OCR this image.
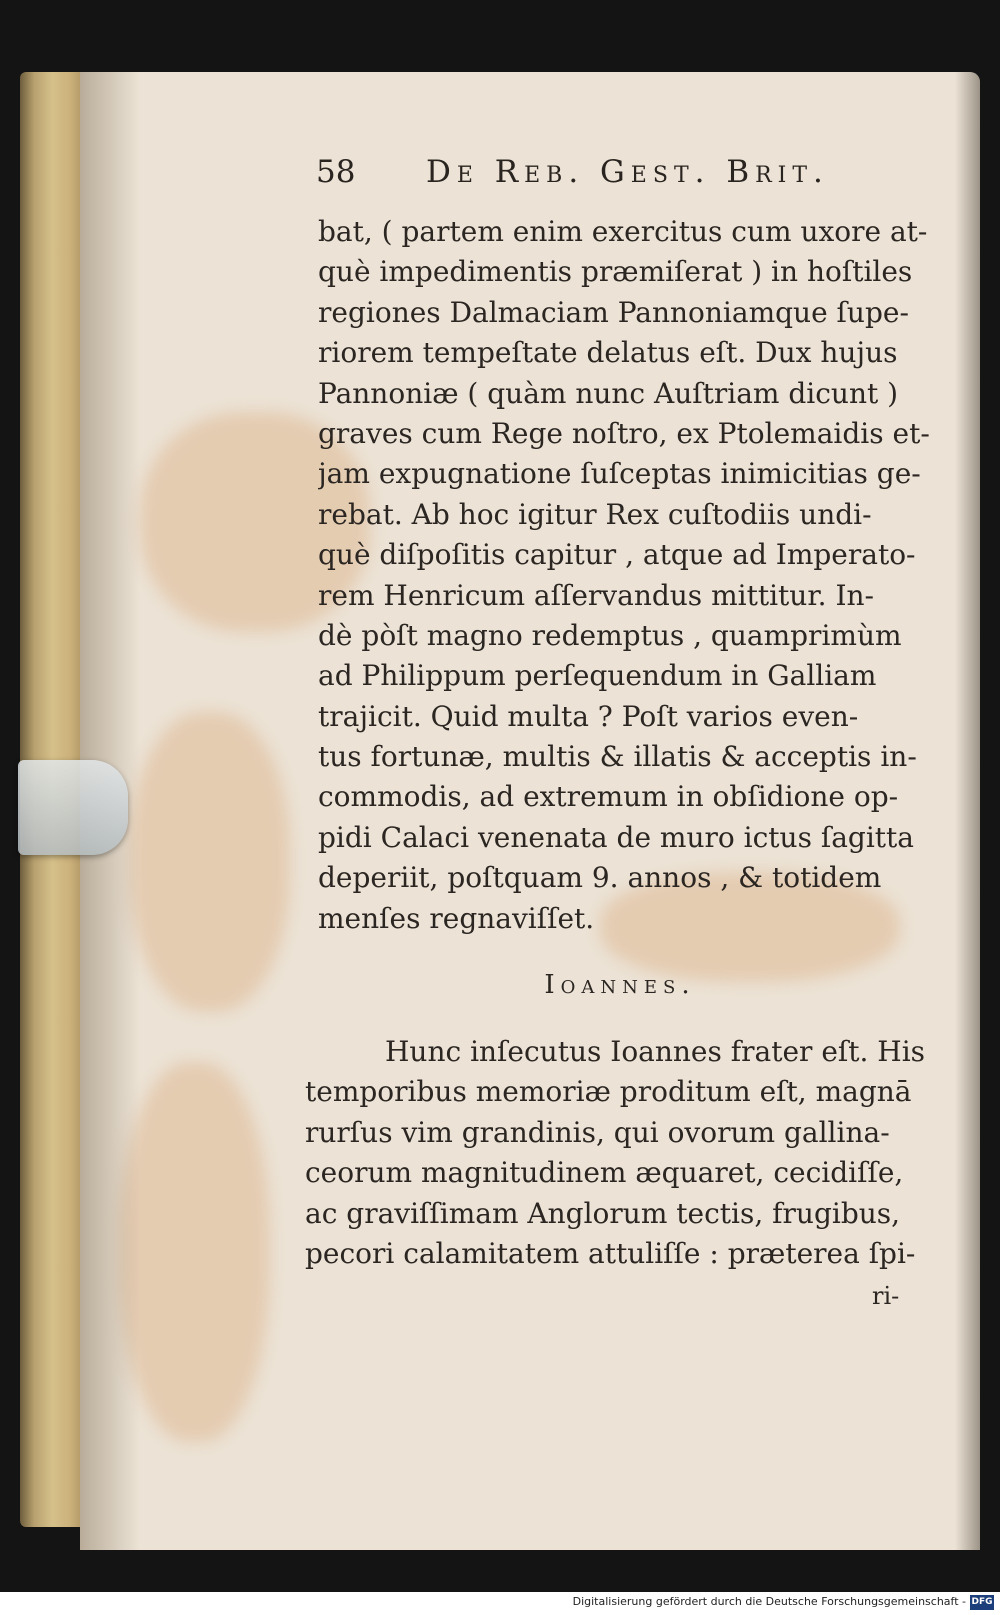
58 De Reb. Gest. Brit.
bat, ( partem enim exercitus cum uxore at-
què impedimentis præmiſerat ) in hoſtiles
regiones Dalmaciam Pannoniamque ſupe-
riorem tempeſtate delatus eſt. Dux hujus
Pannoniæ ( quàm nunc Auſtriam dicunt )
graves cum Rege noſtro, ex Ptolemaidis et-
jam expugnatione ſuſceptas inimicitias ge-
rebat. Ab hoc igitur Rex cuſtodiis undi-
què diſpoſitis capitur , atque ad Imperato-
rem Henricum aſſervandus mittitur. In-
dè pòſt magno redemptus , quamprimùm
ad Philippum perſequendum in Galliam
trajicit. Quid multa ? Poſt varios even-
tus fortunæ, multis & illatis & acceptis in-
commodis, ad extremum in obſidione op-
pidi Calaci venenata de muro ictus ſagitta
deperiit, poſtquam 9. annos , & totidem
menſes regnaviſſet.
Ioannes.
Hunc inſecutus Ioannes frater eſt. His
temporibus memoriæ proditum eſt, magnā
rurſus vim grandinis, qui ovorum gallina-
ceorum magnitudinem æquaret, cecidiſſe,
ac graviſſimam Anglorum tectis, frugibus,
pecori calamitatem attuliſſe : præterea ſpi-
ri-
Digitalisierung gefördert durch die Deutsche Forschungsgemeinschaft - DFG
